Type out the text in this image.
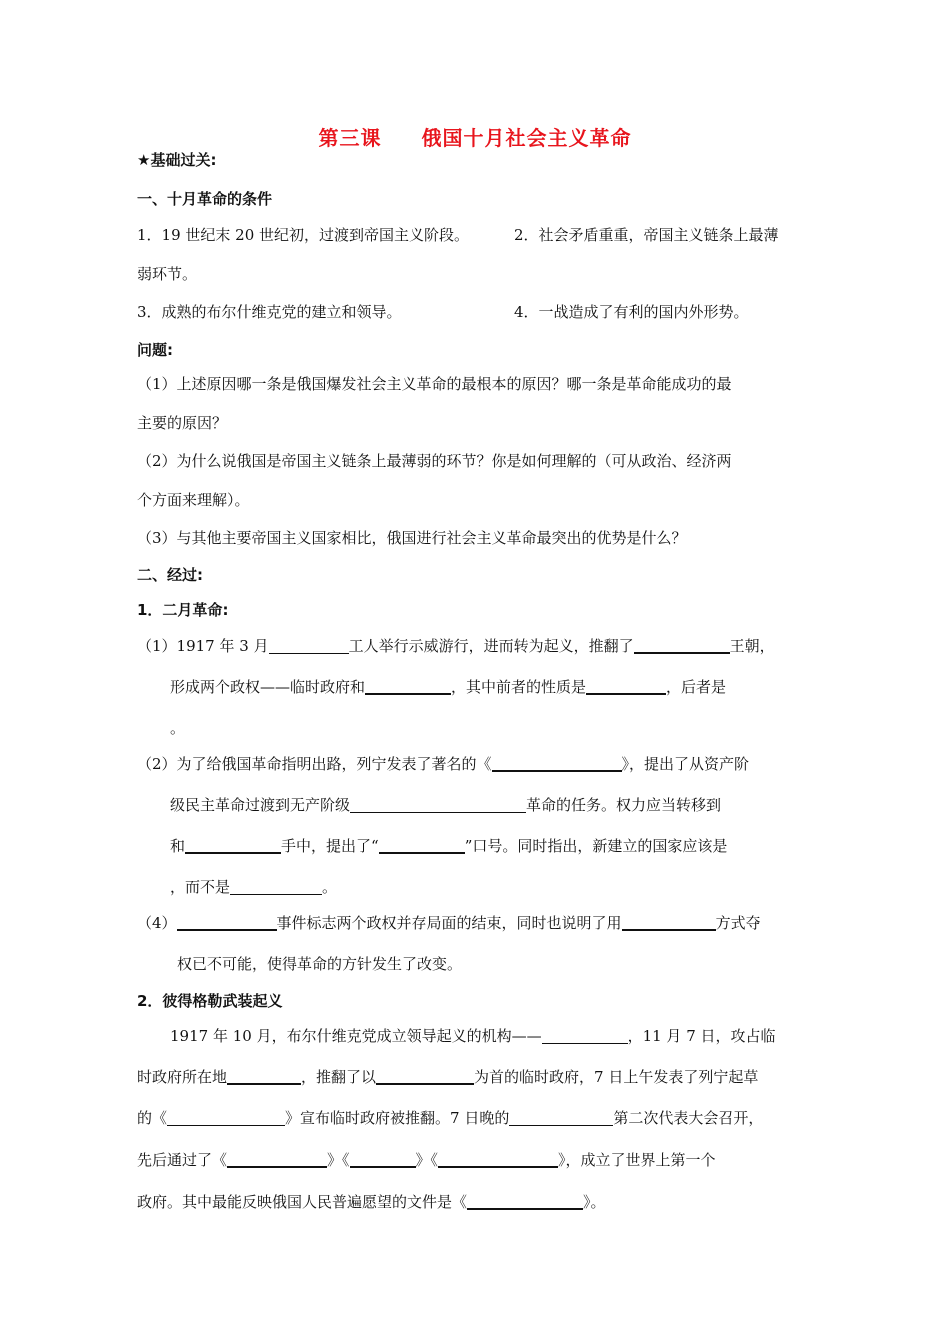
第三课 俄国十月社会主义革命
★基础过关:
一、十月革命的条件
1．19 世纪末 20 世纪初，过渡到帝国主义阶段。	2．社会矛盾重重，帝国主义链条上最薄
弱环节。
3．成熟的布尔什维克党的建立和领导。	4．一战造成了有利的国内外形势。
问题:
（1）上述原因哪一条是俄国爆发社会主义革命的最根本的原因？哪一条是革命能成功的最
主要的原因？
（2）为什么说俄国是帝国主义链条上最薄弱的环节？你是如何理解的（可从政治、经济两
个方面来理解）。
（3）与其他主要帝国主义国家相比，俄国进行社会主义革命最突出的优势是什么？
二、经过:
1．二月革命:
（1）1917 年 3 月	工人举行示威游行，进而转为起义，推翻了	王朝，
形成两个政权——临时政府和	，其中前者的性质是	，后者是
。
（2）为了给俄国革命指明出路，列宁发表了著名的《	》，提出了从资产阶
级民主革命过渡到无产阶级	革命的任务。权力应当转移到
和	手中，提出了“	”口号。同时指出，新建立的国家应该是
，而不是	。
（4）	事件标志两个政权并存局面的结束，同时也说明了用	方式夺
权已不可能，使得革命的方针发生了改变。
2．彼得格勒武装起义
1917 年 10 月，布尔什维克党成立领导起义的机构——	，11 月 7 日，攻占临
时政府所在地	，推翻了以	为首的临时政府，7 日上午发表了列宁起草
的《	》宣布临时政府被推翻。7 日晚的	第二次代表大会召开，
先后通过了《	》《	》《	》，成立了世界上第一个
政府。其中最能反映俄国人民普遍愿望的文件是《	》。
